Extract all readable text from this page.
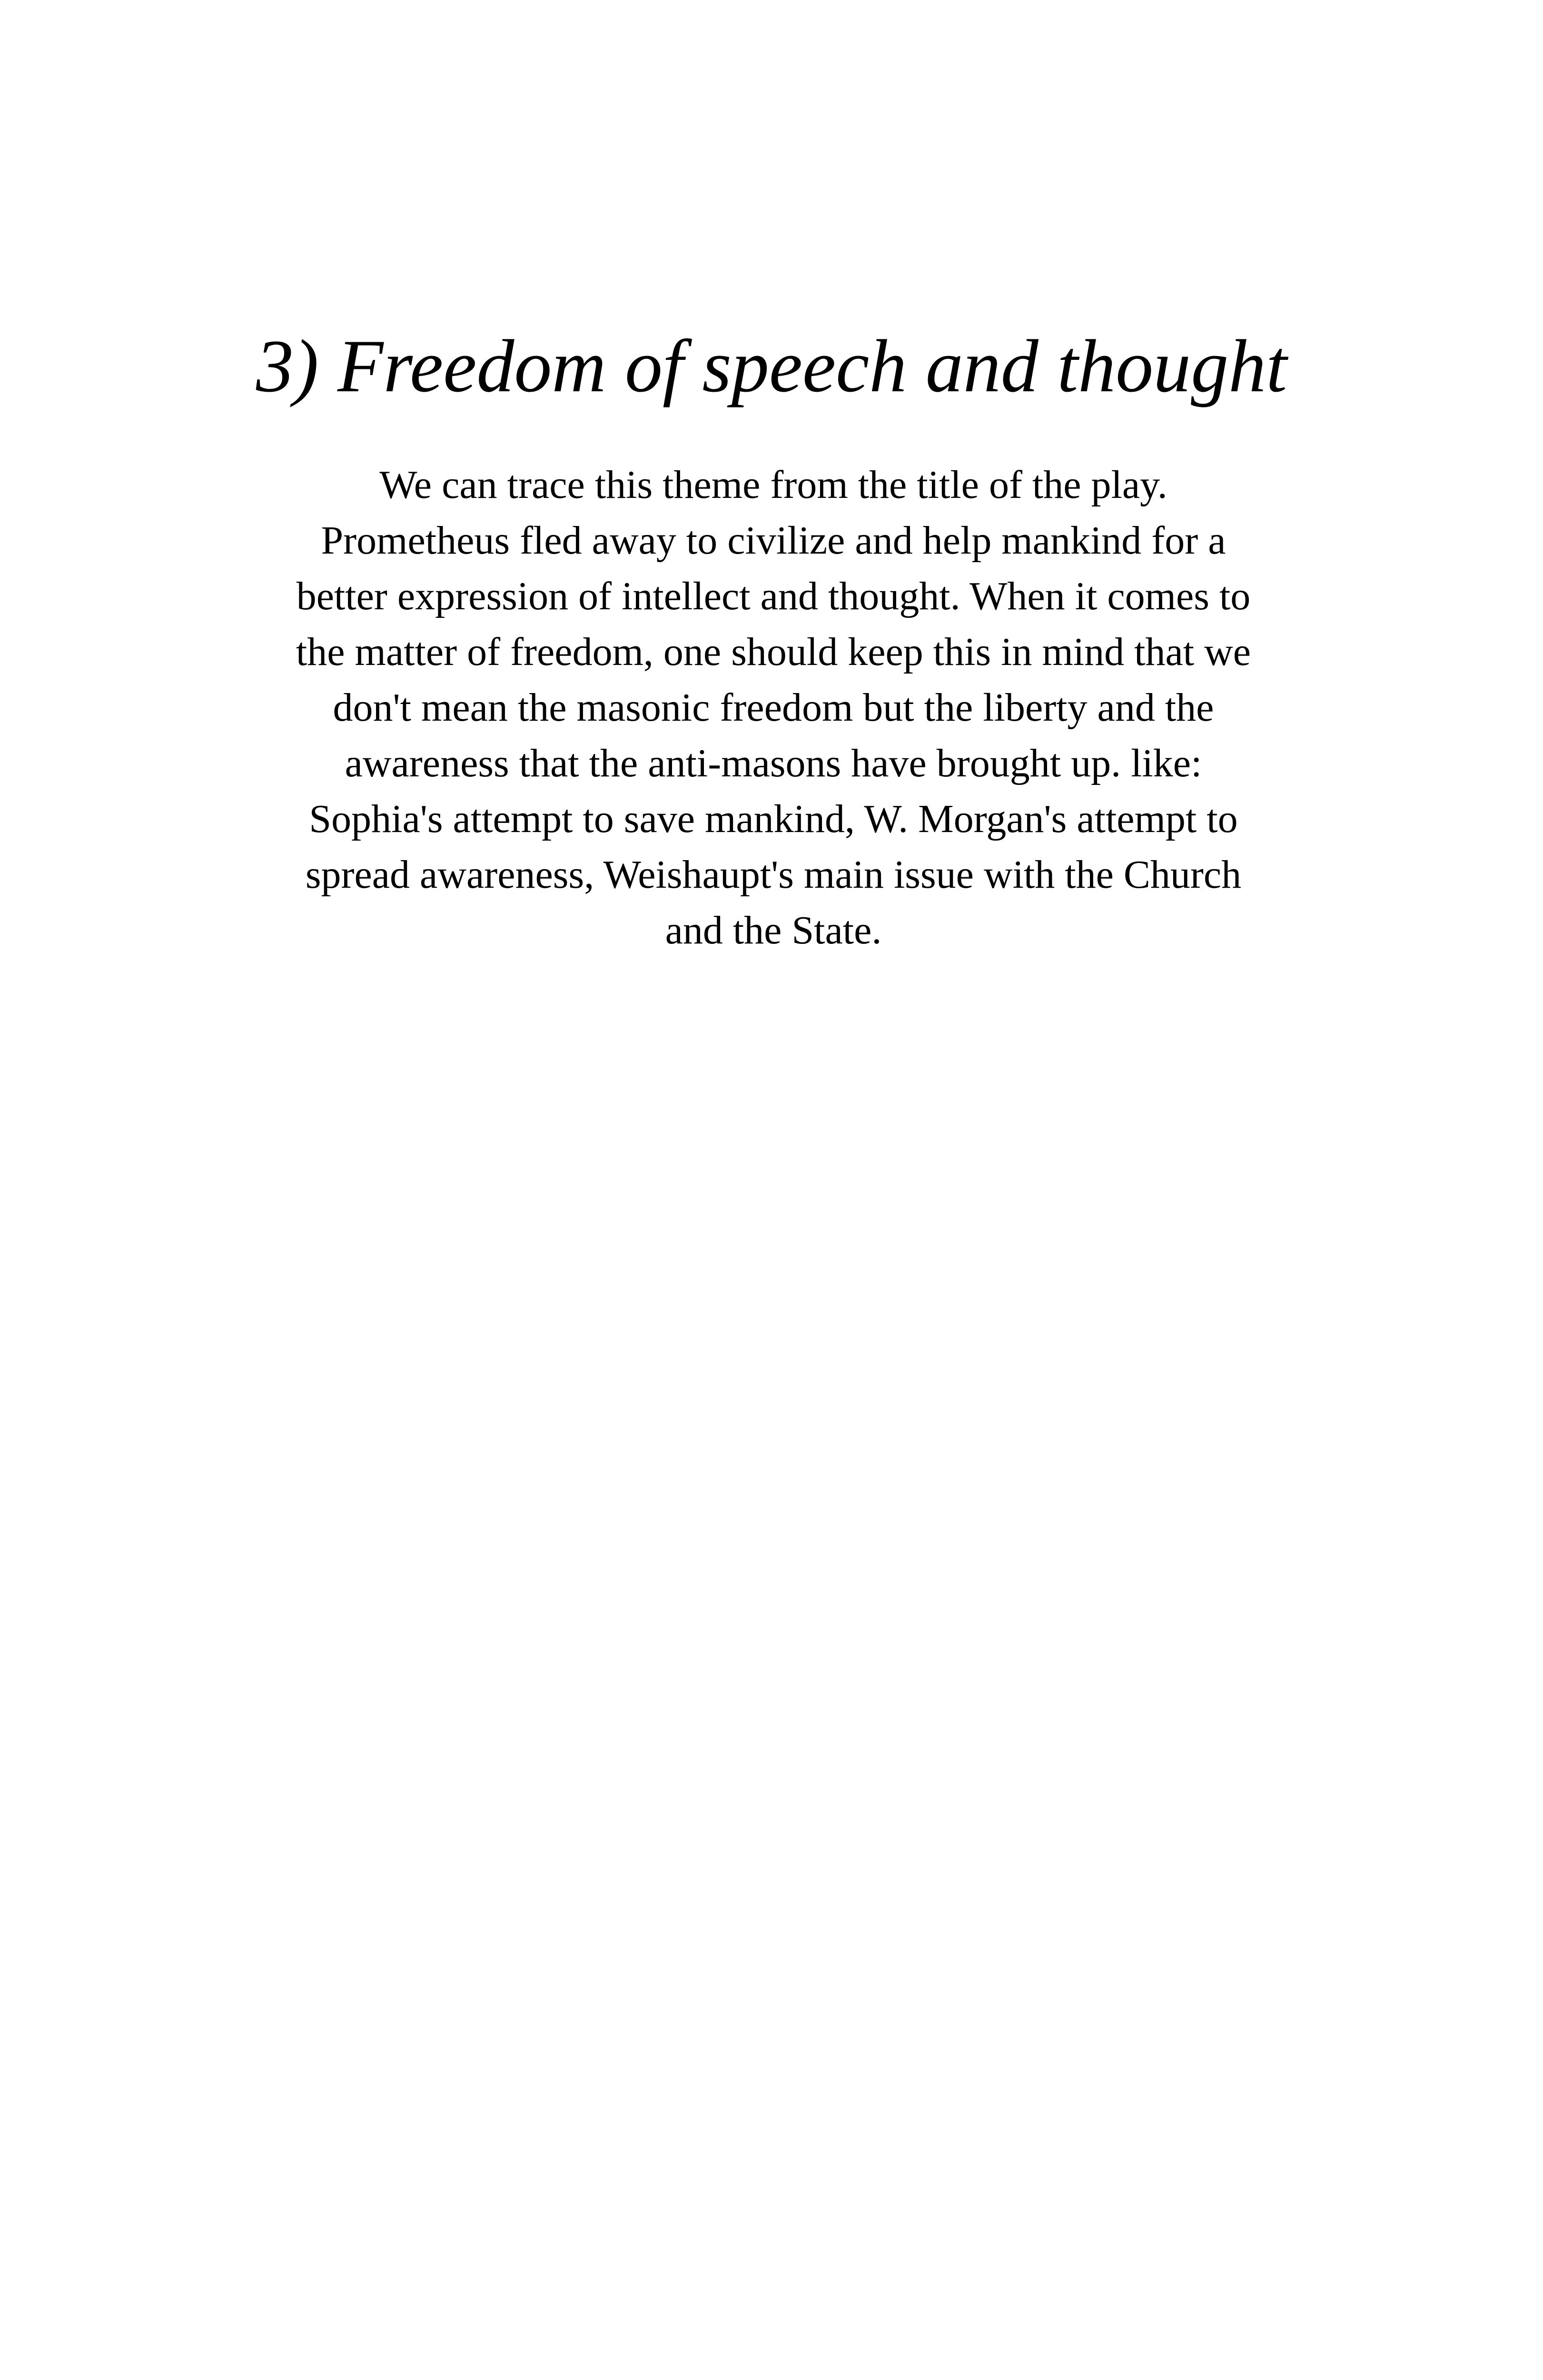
3) Freedom of speech and thought
We can trace this theme from the title of the play.
Prometheus fled away to civilize and help mankind for a
better expression of intellect and thought. When it comes to
the matter of freedom, one should keep this in mind that we
don't mean the masonic freedom but the liberty and the
awareness that the anti-masons have brought up. like:
Sophia's attempt to save mankind, W. Morgan's attempt to
spread awareness, Weishaupt's main issue with the Church
and the State.
